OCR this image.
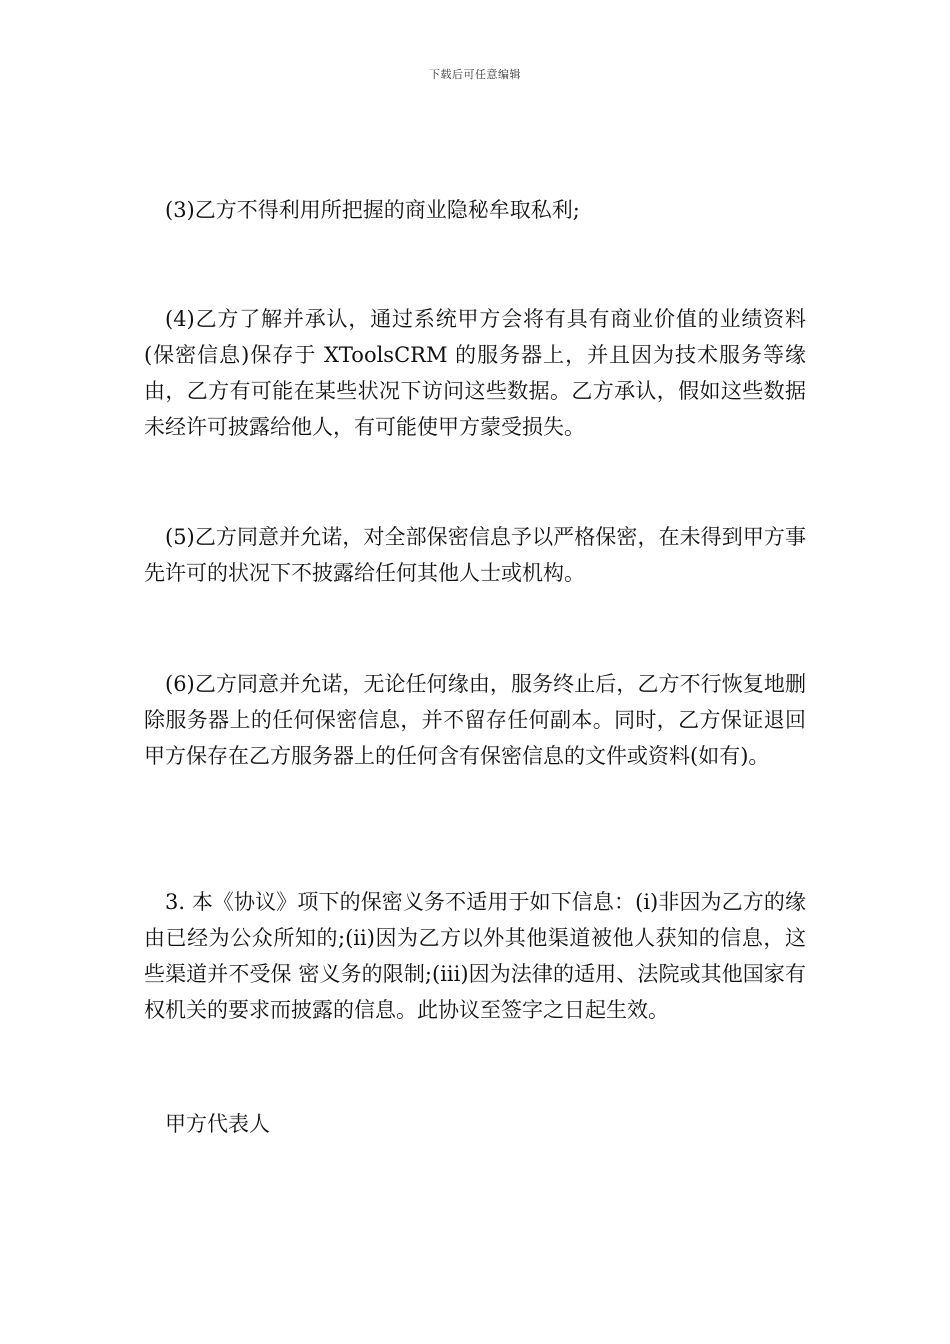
下载后可任意编辑

(3)乙方不得利用所把握的商业隐秘牟取私利;

(4)乙方了解并承认，通过系统甲方会将有具有商业价值的业绩资料(保密信息)保存于 XToolsCRM 的服务器上，并且因为技术服务等缘由，乙方有可能在某些状况下访问这些数据。乙方承认，假如这些数据未经许可披露给他人，有可能使甲方蒙受损失。

(5)乙方同意并允诺，对全部保密信息予以严格保密，在未得到甲方事先许可的状况下不披露给任何其他人士或机构。

(6)乙方同意并允诺，无论任何缘由，服务终止后，乙方不行恢复地删除服务器上的任何保密信息，并不留存任何副本。同时，乙方保证退回甲方保存在乙方服务器上的任何含有保密信息的文件或资料(如有)。

3. 本《协议》项下的保密义务不适用于如下信息：(i)非因为乙方的缘由已经为公众所知的;(ii)因为乙方以外其他渠道被他人获知的信息，这些渠道并不受保 密义务的限制;(iii)因为法律的适用、法院或其他国家有权机关的要求而披露的信息。此协议至签字之日起生效。

甲方代表人
